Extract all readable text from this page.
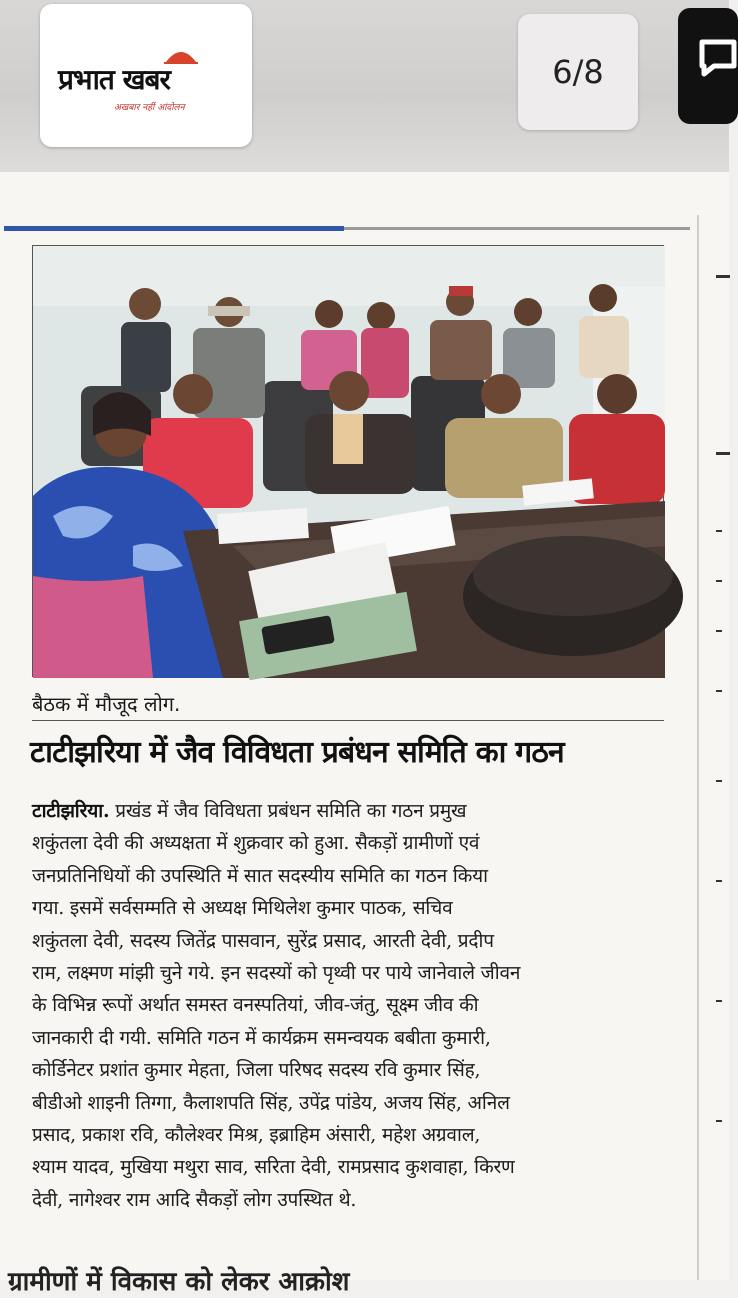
प्रभात खबर
अखबार नहीं आंदोलन
6/8
बैठक में मौजूद लोग.
टाटीझरिया में जैव विविधता प्रबंधन समिति का गठन
टाटीझरिया. प्रखंड में जैव विविधता प्रबंधन समिति का गठन प्रमुख
शकुंतला देवी की अध्यक्षता में शुक्रवार को हुआ. सैकड़ों ग्रामीणों एवं
जनप्रतिनिधियों की उपस्थिति में सात सदस्यीय समिति का गठन किया
गया. इसमें सर्वसम्मति से अध्यक्ष मिथिलेश कुमार पाठक, सचिव
शकुंतला देवी, सदस्य जितेंद्र पासवान, सुरेंद्र प्रसाद, आरती देवी, प्रदीप
राम, लक्ष्मण मांझी चुने गये. इन सदस्यों को पृथ्वी पर पाये जानेवाले जीवन
के विभिन्न रूपों अर्थात समस्त वनस्पतियां, जीव-जंतु, सूक्ष्म जीव की
जानकारी दी गयी. समिति गठन में कार्यक्रम समन्वयक बबीता कुमारी,
कोर्डिनेटर प्रशांत कुमार मेहता, जिला परिषद सदस्य रवि कुमार सिंह,
बीडीओ शाइनी तिग्गा, कैलाशपति सिंह, उपेंद्र पांडेय, अजय सिंह, अनिल
प्रसाद, प्रकाश रवि, कौलेश्वर मिश्र, इब्राहिम अंसारी, महेश अग्रवाल,
श्याम यादव, मुखिया मथुरा साव, सरिता देवी, रामप्रसाद कुशवाहा, किरण
देवी, नागेश्वर राम आदि सैकड़ों लोग उपस्थित थे.
ग्रामीणों में विकास को लेकर आक्रोश
